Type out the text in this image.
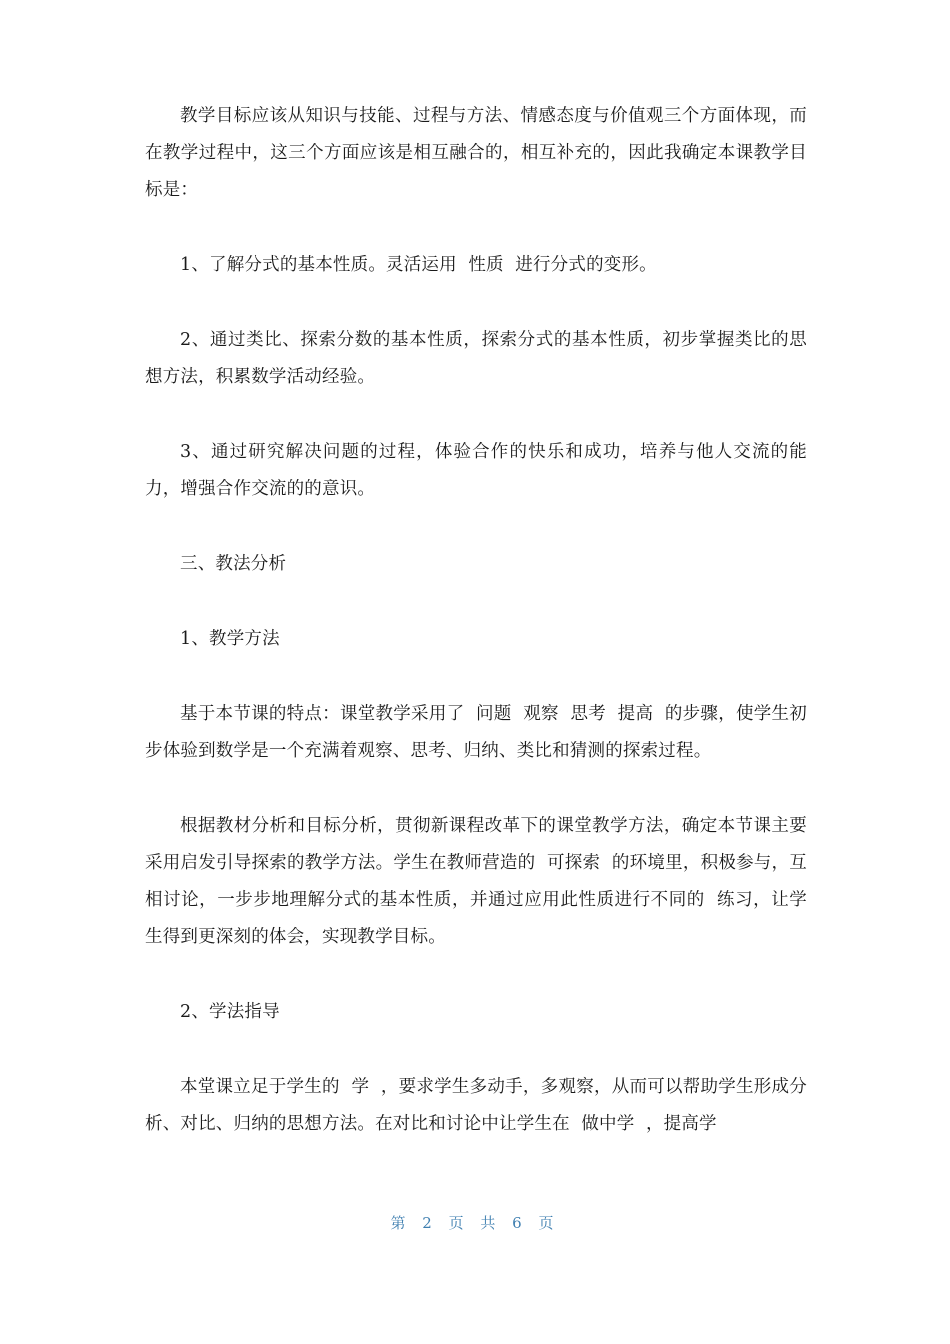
教学目标应该从知识与技能、过程与方法、情感态度与价值观三个方面体现，而在教学过程中，这三个方面应该是相互融合的，相互补充的，因此我确定本课教学目标是：

1、了解分式的基本性质。灵活运用  性质  进行分式的变形。

2、通过类比、探索分数的基本性质，探索分式的基本性质，初步掌握类比的思想方法，积累数学活动经验。

3、通过研究解决问题的过程，体验合作的快乐和成功，培养与他人交流的能力，增强合作交流的的意识。

三、教法分析

1、教学方法

基于本节课的特点：课堂教学采用了  问题  观察  思考  提高  的步骤，使学生初步体验到数学是一个充满着观察、思考、归纳、类比和猜测的探索过程。

根据教材分析和目标分析，贯彻新课程改革下的课堂教学方法，确定本节课主要采用启发引导探索的教学方法。学生在教师营造的  可探索  的环境里，积极参与，互相讨论，一步步地理解分式的基本性质，并通过应用此性质进行不同的  练习，让学生得到更深刻的体会，实现教学目标。

2、学法指导

本堂课立足于学生的  学  ，要求学生多动手，多观察，从而可以帮助学生形成分析、对比、归纳的思想方法。在对比和讨论中让学生在  做中学  ，提高学

第 2 页 共 6 页
